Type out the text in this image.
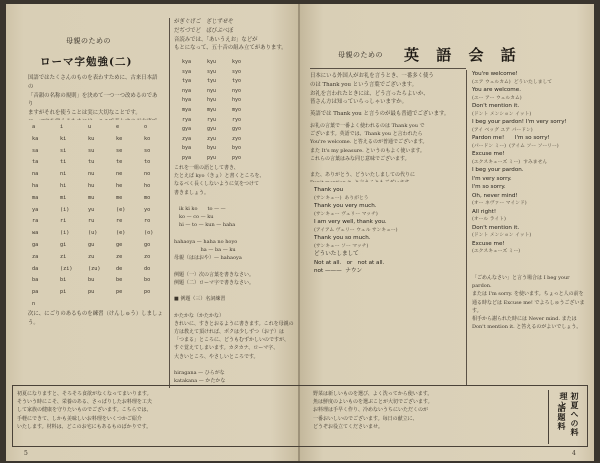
母親のための
ローマ字勉強(二)
国語ではたくさんのものを表わすために、古来日本語の
「音韻の名称の規則」を決めて一つ一つ改めるのであり
ますがそれを使うことは実に大切なことです。

a	i	u	e	o
ka	ki	ku	ke	ko
sa	si	su	se	so
ta	ti	tu	te	to
na	ni	nu	ne	no
ha	hi	hu	he	ho
ma	mi	mu	me	mo
ya	(i)	yu	(e)	yo
ra	ri	ru	re	ro
wa	(i)	(u)	(e)	(o)
ga	gi	gu	ge	go
za	zi	zu	ze	zo
da	(zi)	(zu)	de	do
ba	bi	bu	be	bo
pa	pi	pu	pe	po
n
次に、にごりのあるものを練習（けんしゅう）しましょう。
がぎぐげご　ざじずぜぞ
だぢづでど　ばびぶべぼ
音読みでは、「あいうえお」などが
もとになって、五十音の組み立てがあります。
kya	kyu	kyo
sya	syu	syo
tya	tyu	tyo
nya	nyu	nyo
hya	hyu	hyo
mya	myu	myo
rya	ryu	ryo
gya	gyu	gyo
zya	zyu	zyo
bya	byu	byo
pya	pyu	pyo
これを一組の語として書き、
たとえば kyo（きょ）と書くところを、
なるべく長くしないように気をつけて
書きましょう。

　ik ki ko　　to — —
　ko — co — ku
　hi — to — kun — haha

hahaoya — haha no hoyo
　　　　　 ha — ba — ku
母親（ははおや）— hahaoya

例題（一）次の言葉を書きなさい。
例題（二）ローマ字で書きなさい。

■ 例題（三）名詞練習

かたかな（かたかな）
きれいに、すきとおるように書きます。これを母親の
方は教えて頂ければ、ボクは少しずつ（お子）は
「つまる」ところに、どうもむずかしいのですが、
すぐ覚えてしまいます。カタカナ、ローマ字、
大きいところ、やさしいところです。

hiragana — ひらがな
katakana — かたかな

5
母親のための 英 語 会 話
日本にいる外国人がお礼を言うとき、一番多く使う
のは Thank you という言葉でございます。
お礼を言われたときには、どう言ったらよいか、
皆さん方は知っていらっしゃいますか。
英語では Thank you と言うのが最も普通でございます。
お礼の言葉で一番よく使われるのは Thank you で
ございます。英語では、Thank you と言われたら
You're welcome. と答えるのが普通でございます。
また It's my pleasure. というのもよく使います。
これらの言葉はみな同じ意味でございます。

また、ありがとう、どういたしましての代りに

Thank you
(サンキュー)  ありがとう
Thank you very much.
(サンキュー ヴェリー マッチ)
I am very well, thank you.
(アイアム ヴェリー ウェル サンキュー)
Thank you so much.
(サンキュー ソー マッチ)
どういたしまして
Not at all.   or   not at all.
not ———  ナウン
You're welcome!
(ユア ウェルカム)  どういたしまして
You are welcome.
(ユー アー ウェルカム)
Don't mention it.
(ドント メンション イット)
I beg your pardon! I'm very sorry!
(アイ ベッグ ユア パードン)
Pardon me!      I'm so sorry!
(パードン ミー)  (アイム ソー ソーリー)
Excuse me!
(エクスキューズ ミー)  すみません
I beg your pardon.
I'm very sorry.
I'm so sorry.
Oh, never mind!
(オー ネヴァー マインド)
All right!
(オール ライト)
Don't mention it.
(ドント メンション イット)
Excuse me!
(エクスキューズ ミー)
「ごめんなさい」と言う場合は I beg your pardon.
または I'm sorry. を使います。ちょっと人の前を
通る時などは Excuse me! でよろしゅうございます。
相手から謝られた時には Never mind. または
Don't mention it. と答えるのがよいでしょう。
4
初夏になりますと、そろそろ食欲がなくなってまいります。
そういう時にこそ、栄養のある、さっぱりしたお料理を工夫
して家族の健康を守りたいものでございます。こちらでは、
手軽にできて、しかも美味しいお料理をいくつかご紹介
いたします。材料は、どこのお宅にもあるものばかりです。
野菜は新しいものを選び、よく洗ってから使います。
魚は鮮度のよいものを選ぶことが大切でございます。
お料理は手早く作り、冷めないうちにいただくのが
一番おいしいのでございます。毎日の献立に、
どうぞお役立てくださいませ。	初夏への料理と
話題料
